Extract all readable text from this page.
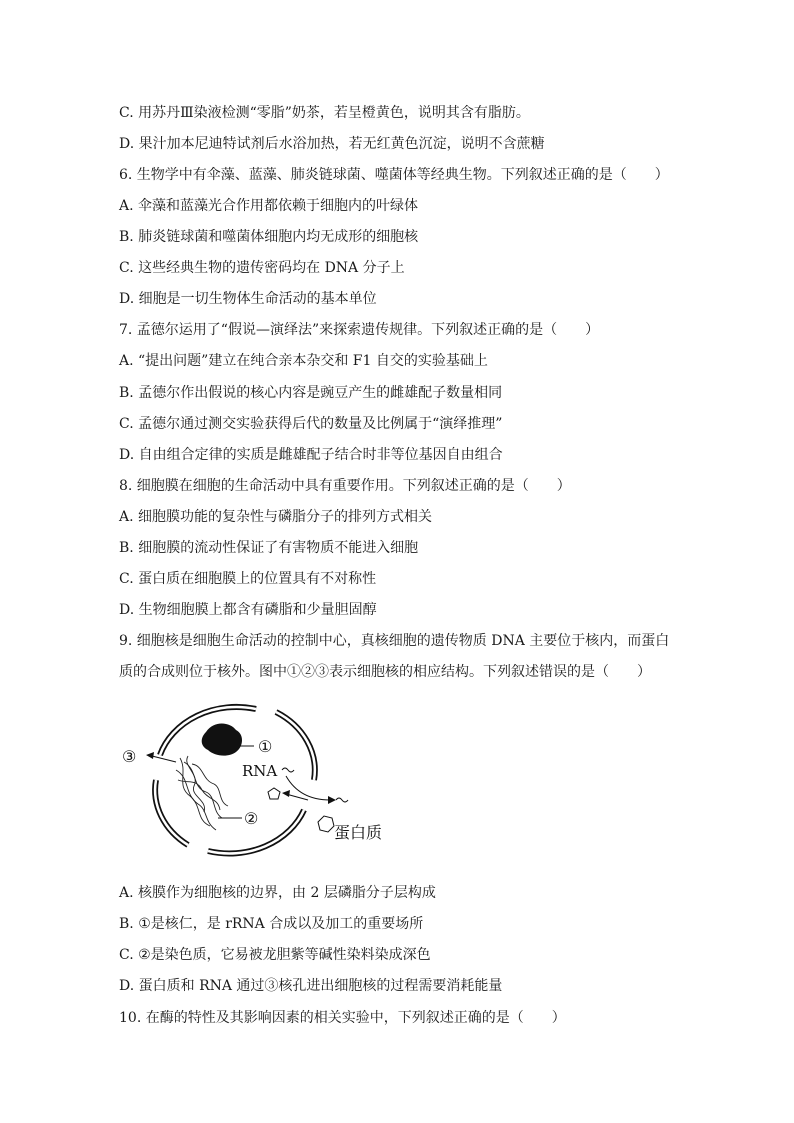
C. 用苏丹Ⅲ染液检测“零脂”奶茶，若呈橙黄色，说明其含有脂肪。
D. 果汁加本尼迪特试剂后水浴加热，若无红黄色沉淀，说明不含蔗糖
6. 生物学中有伞藻、蓝藻、肺炎链球菌、噬菌体等经典生物。下列叙述正确的是（　　）
A. 伞藻和蓝藻光合作用都依赖于细胞内的叶绿体
B. 肺炎链球菌和噬菌体细胞内均无成形的细胞核
C. 这些经典生物的遗传密码均在 DNA 分子上
D. 细胞是一切生物体生命活动的基本单位
7. 孟德尔运用了“假说—演绎法”来探索遗传规律。下列叙述正确的是（　　）
A. “提出问题”建立在纯合亲本杂交和 F1 自交的实验基础上
B. 孟德尔作出假说的核心内容是豌豆产生的雌雄配子数量相同
C. 孟德尔通过测交实验获得后代的数量及比例属于“演绎推理”
D. 自由组合定律的实质是雌雄配子结合时非等位基因自由组合
8. 细胞膜在细胞的生命活动中具有重要作用。下列叙述正确的是（　　）
A. 细胞膜功能的复杂性与磷脂分子的排列方式相关
B. 细胞膜的流动性保证了有害物质不能进入细胞
C. 蛋白质在细胞膜上的位置具有不对称性
D. 生物细胞膜上都含有磷脂和少量胆固醇
9. 细胞核是细胞生命活动的控制中心，真核细胞的遗传物质 DNA 主要位于核内，而蛋白
质的合成则位于核外。图中①②③表示细胞核的相应结构。下列叙述错误的是（　　）
①
②
③
RNA
蛋白质
A. 核膜作为细胞核的边界，由 2 层磷脂分子层构成
B. ①是核仁，是 rRNA 合成以及加工的重要场所
C. ②是染色质，它易被龙胆紫等碱性染料染成深色
D. 蛋白质和 RNA 通过③核孔进出细胞核的过程需要消耗能量
10. 在酶的特性及其影响因素的相关实验中，下列叙述正确的是（　　）
